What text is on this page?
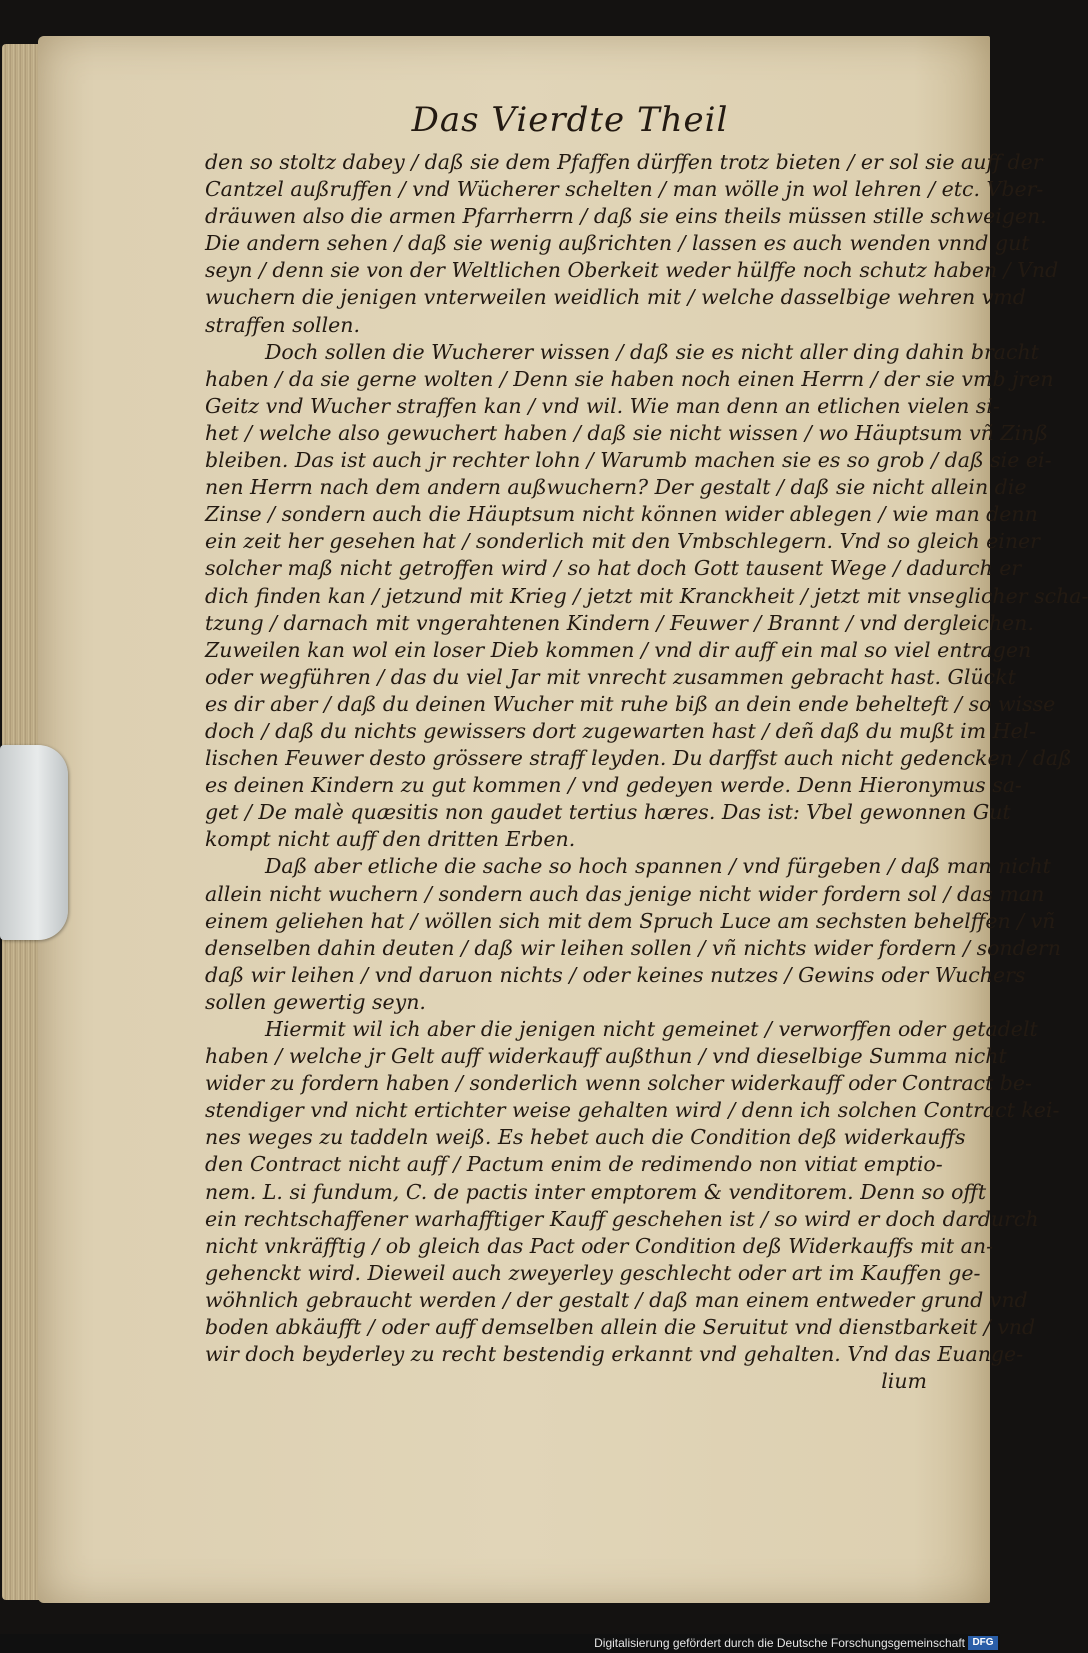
Das Vierdte Theil
den so stoltz dabey / daß sie dem Pfaffen dürffen trotz bieten / er sol sie auff der
Cantzel außruffen / vnd Wücherer schelten / man wölle jn wol lehren / etc. Vber-
dräuwen also die armen Pfarrherrn / daß sie eins theils müssen stille schweigen.
Die andern sehen / daß sie wenig außrichten / lassen es auch wenden vnnd gut
seyn / denn sie von der Weltlichen Oberkeit weder hülffe noch schutz haben / Vnd
wuchern die jenigen vnterweilen weidlich mit / welche dasselbige wehren vmd
straffen sollen.
Doch sollen die Wucherer wissen / daß sie es nicht aller ding dahin bracht
haben / da sie gerne wolten / Denn sie haben noch einen Herrn / der sie vmb jren
Geitz vnd Wucher straffen kan / vnd wil. Wie man denn an etlichen vielen si-
het / welche also gewuchert haben / daß sie nicht wissen / wo Häuptsum vñ Zinß
bleiben. Das ist auch jr rechter lohn / Warumb machen sie es so grob / daß sie ei-
nen Herrn nach dem andern außwuchern? Der gestalt / daß sie nicht allein die
Zinse / sondern auch die Häuptsum nicht können wider ablegen / wie man denn
ein zeit her gesehen hat / sonderlich mit den Vmbschlegern. Vnd so gleich einer
solcher maß nicht getroffen wird / so hat doch Gott tausent Wege / dadurch er
dich finden kan / jetzund mit Krieg / jetzt mit Kranckheit / jetzt mit vnseglicher scha-
tzung / darnach mit vngerahtenen Kindern / Feuwer / Brannt / vnd dergleichen.
Zuweilen kan wol ein loser Dieb kommen / vnd dir auff ein mal so viel entragen
oder wegführen / das du viel Jar mit vnrecht zusammen gebracht hast. Glückt
es dir aber / daß du deinen Wucher mit ruhe biß an dein ende behelteft / so wisse
doch / daß du nichts gewissers dort zugewarten hast / deñ daß du mußt im Hel-
lischen Feuwer desto grössere straff leyden. Du darffst auch nicht gedencken / daß
es deinen Kindern zu gut kommen / vnd gedeyen werde. Denn Hieronymus sa-
get / De malè quæsitis non gaudet tertius hæres. Das ist: Vbel gewonnen Gut
kompt nicht auff den dritten Erben.
Daß aber etliche die sache so hoch spannen / vnd fürgeben / daß man nicht
allein nicht wuchern / sondern auch das jenige nicht wider fordern sol / das man
einem geliehen hat / wöllen sich mit dem Spruch Luce am sechsten behelffen / vñ
denselben dahin deuten / daß wir leihen sollen / vñ nichts wider fordern / sondern
daß wir leihen / vnd daruon nichts / oder keines nutzes / Gewins oder Wuchers
sollen gewertig seyn.
Hiermit wil ich aber die jenigen nicht gemeinet / verworffen oder getadelt
haben / welche jr Gelt auff widerkauff außthun / vnd dieselbige Summa nicht
wider zu fordern haben / sonderlich wenn solcher widerkauff oder Contract be-
stendiger vnd nicht ertichter weise gehalten wird / denn ich solchen Contract kei-
nes weges zu taddeln weiß. Es hebet auch die Condition deß widerkauffs
den Contract nicht auff / Pactum enim de redimendo non vitiat emptio-
nem. L. si fundum, C. de pactis inter emptorem & venditorem. Denn so offt
ein rechtschaffener warhafftiger Kauff geschehen ist / so wird er doch dardurch
nicht vnkräfftig / ob gleich das Pact oder Condition deß Widerkauffs mit an-
gehenckt wird. Dieweil auch zweyerley geschlecht oder art im Kauffen ge-
wöhnlich gebraucht werden / der gestalt / daß man einem entweder grund vnd
boden abkäufft / oder auff demselben allein die Seruitut vnd dienstbarkeit / vnd
wir doch beyderley zu recht bestendig erkannt vnd gehalten. Vnd das Euange-
lium
Digitalisierung gefördert durch die Deutsche Forschungsgemeinschaft DFG
